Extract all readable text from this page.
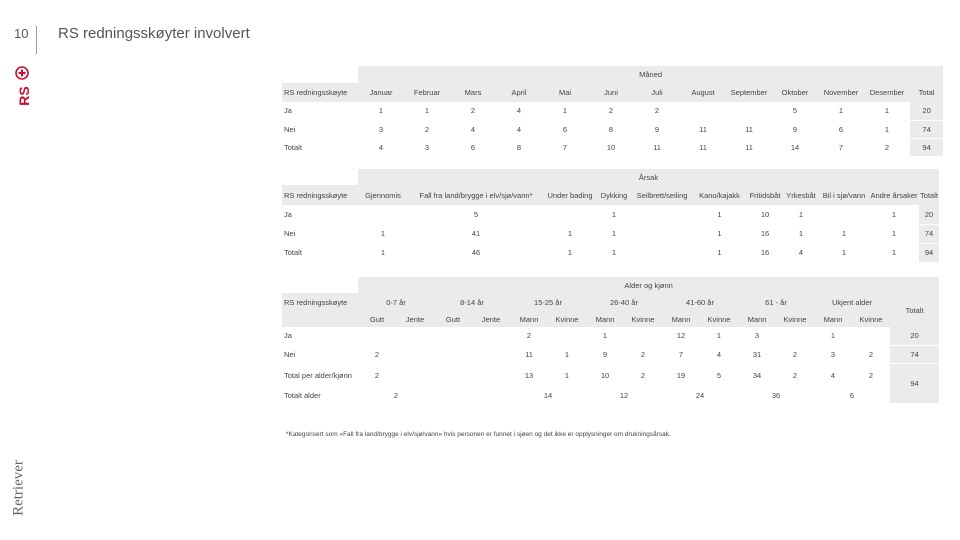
10 RS redningsskøyter involvert
RS
Retriever
	Måned												
RS redningsskøyte	Januar	Februar	Mars	April	Mai	Juni	Juli	August	September	Oktober	November	Desember	Total
Ja	1	1	2	4	1	2	2			5	1	1	20
Nei	3	2	4	4	6	8	9	11	11	9	6	1	74
Totalt	4	3	6	8	7	10	11	11	11	14	7	2	94
	Årsak										
RS redningsskøyte	Gjennomis	Fall fra land/brygge i elv/sjø/vann*	Under bading	Dykking	Seilbrett/seiling	Kano/kajakk	Fritidsbåt	Yrkesbåt	Bil i sjø/vann	Andre årsaker	Totalt
Ja		5		1		1	10	1		1	20
Nei	1	41	1	1		1	16	1	1	1	74
Totalt	1	46	1	1		1	16	4	1	1	94
	Alder og kjønn														
RS redningsskøyte	0-7 år		8-14 år		15-25 år		26-40 år		41-60 år		61 - år		Ukjent alder		Totalt
	Gutt	Jente	Gutt	Jente	Mann	Kvinne	Mann	Kvinne	Mann	Kvinne	Mann	Kvinne	Mann	Kvinne	
Ja					2		1		12	1	3		1		20
Nei	2				11	1	9	2	7	4	31	2	3	2	74
Total per alder/kjønn	2				13	1	10	2	19	5	34	2	4	2	94
Totalt alder	2				14		12		24		36		6		
*Kategorisert som «Fall fra land/brygge i elv/sjø/vann» hvis personen er funnet i sjøen og det ikke er opplysninger om drukningsårsak.
